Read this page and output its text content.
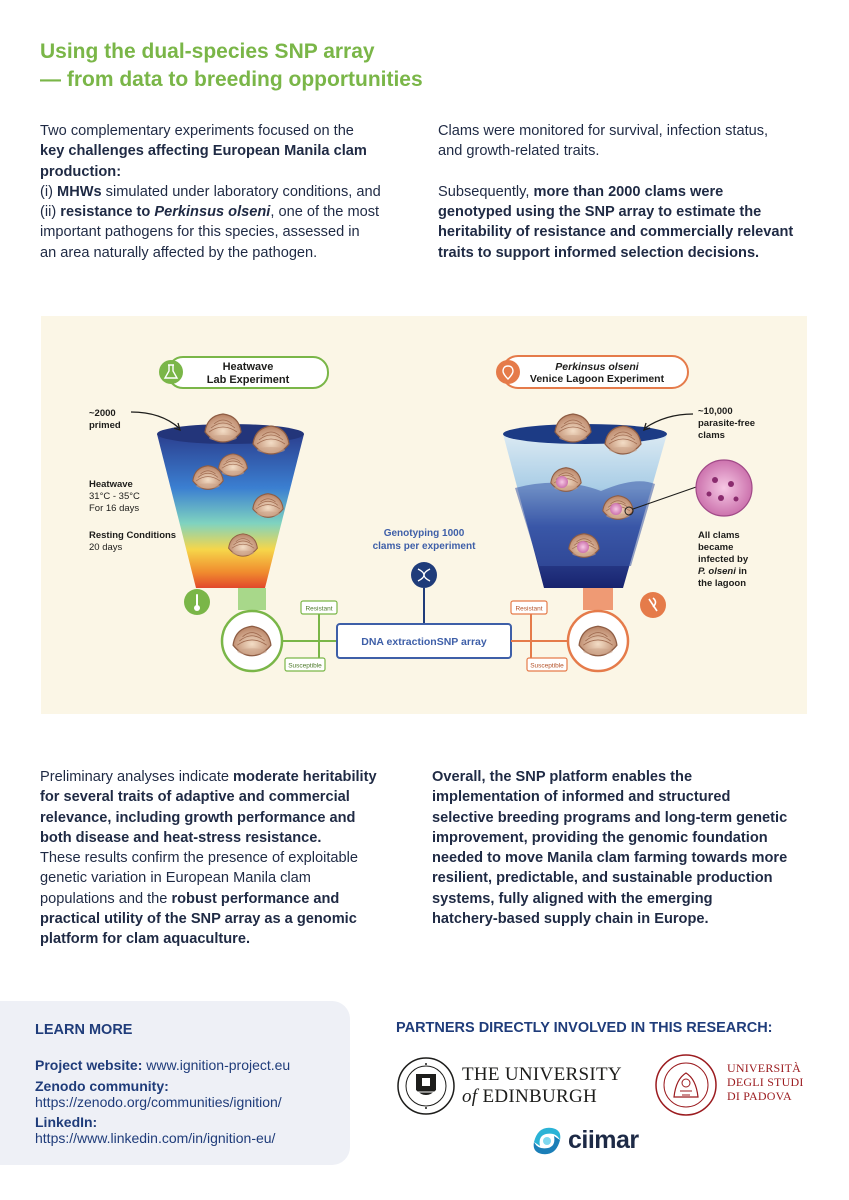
Using the dual-species SNP array
— from data to breeding opportunities
Two complementary experiments focused on the
key challenges affecting European Manila clam
production:
(i) MHWs simulated under laboratory conditions, and
(ii) resistance to Perkinsus olseni, one of the most
important pathogens for this species, assessed in
an area naturally affected by the pathogen.
Clams were monitored for survival, infection status,
and growth-related traits.

Subsequently, more than 2000 clams were
genotyped using the SNP array to estimate the
heritability of resistance and commercially relevant
traits to support informed selection decisions.
Heatwave
Lab Experiment
~2000
primed
Heatwave
31°C - 35°C
For 16 days
Resting Conditions
20 days
Resistant
Susceptible
Genotyping 1000
clams per experiment
DNA extractionSNP array
Perkinsus olseni
Venice Lagoon Experiment
~10,000
parasite-free
clams
All clams
became
infected by
P. olseni in
the lagoon
Resistant
Susceptible
Preliminary analyses indicate moderate heritability
for several traits of adaptive and commercial
relevance, including growth performance and
both disease and heat-stress resistance.
These results confirm the presence of exploitable
genetic variation in European Manila clam
populations and the robust performance and
practical utility of the SNP array as a genomic
platform for clam aquaculture.
Overall, the SNP platform enables the
implementation of informed and structured
selective breeding programs and long-term genetic
improvement, providing the genomic foundation
needed to move Manila clam farming towards more
resilient, predictable, and sustainable production
systems, fully aligned with the emerging
hatchery-based supply chain in Europe.
LEARN MORE
Project website: www.ignition-project.eu
Zenodo community:
https://zenodo.org/communities/ignition/
LinkedIn:
https://www.linkedin.com/in/ignition-eu/
PARTNERS DIRECTLY INVOLVED IN THIS RESEARCH:
THE UNIVERSITY
of EDINBURGH
UNIVERSITÀ
DEGLI STUDI
DI PADOVA
ciimar
